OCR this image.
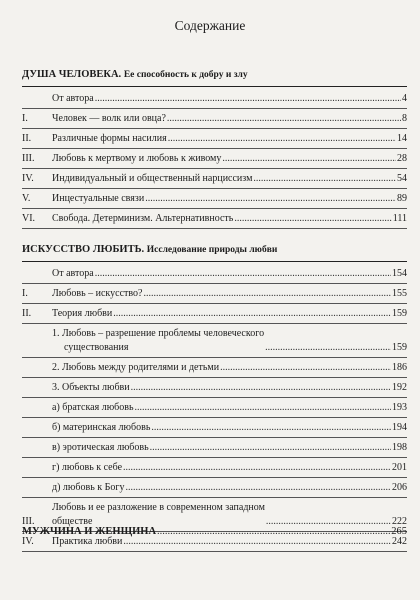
Содержание
ДУША ЧЕЛОВЕКА. Ее способность к добру и злу
От автора .....	4
I.	Человек — волк или овца? .....	8
II.	Различные формы насилия .....	14
III.	Любовь к мертвому и любовь к живому .....	28
IV.	Индивидуальный и общественный нарциссизм .....	54
V.	Инцестуальные связи .....	89
VI.	Свобода. Детерминизм. Альтернативность .....	111
ИСКУССТВО ЛЮБИТЬ. Исследование природы любви
От автора .....	154
I.	Любовь – искусство? .....	155
II.	Теория любви .....	159
1. Любовь – разрешение проблемы человеческого
существования .....	159
2. Любовь между родителями и детьми .....	186
3. Объекты любви .....	192
а) братская любовь .....	193
б) материнская любовь .....	194
в) эротическая любовь .....	198
г) любовь к себе .....	201
д) любовь к Богу .....	206
III.
Любовь и ее разложение в современном западном
обществе .....	222
IV.	Практика любви .....	242
МУЖЧИНА И ЖЕНЩИНА .....	265
